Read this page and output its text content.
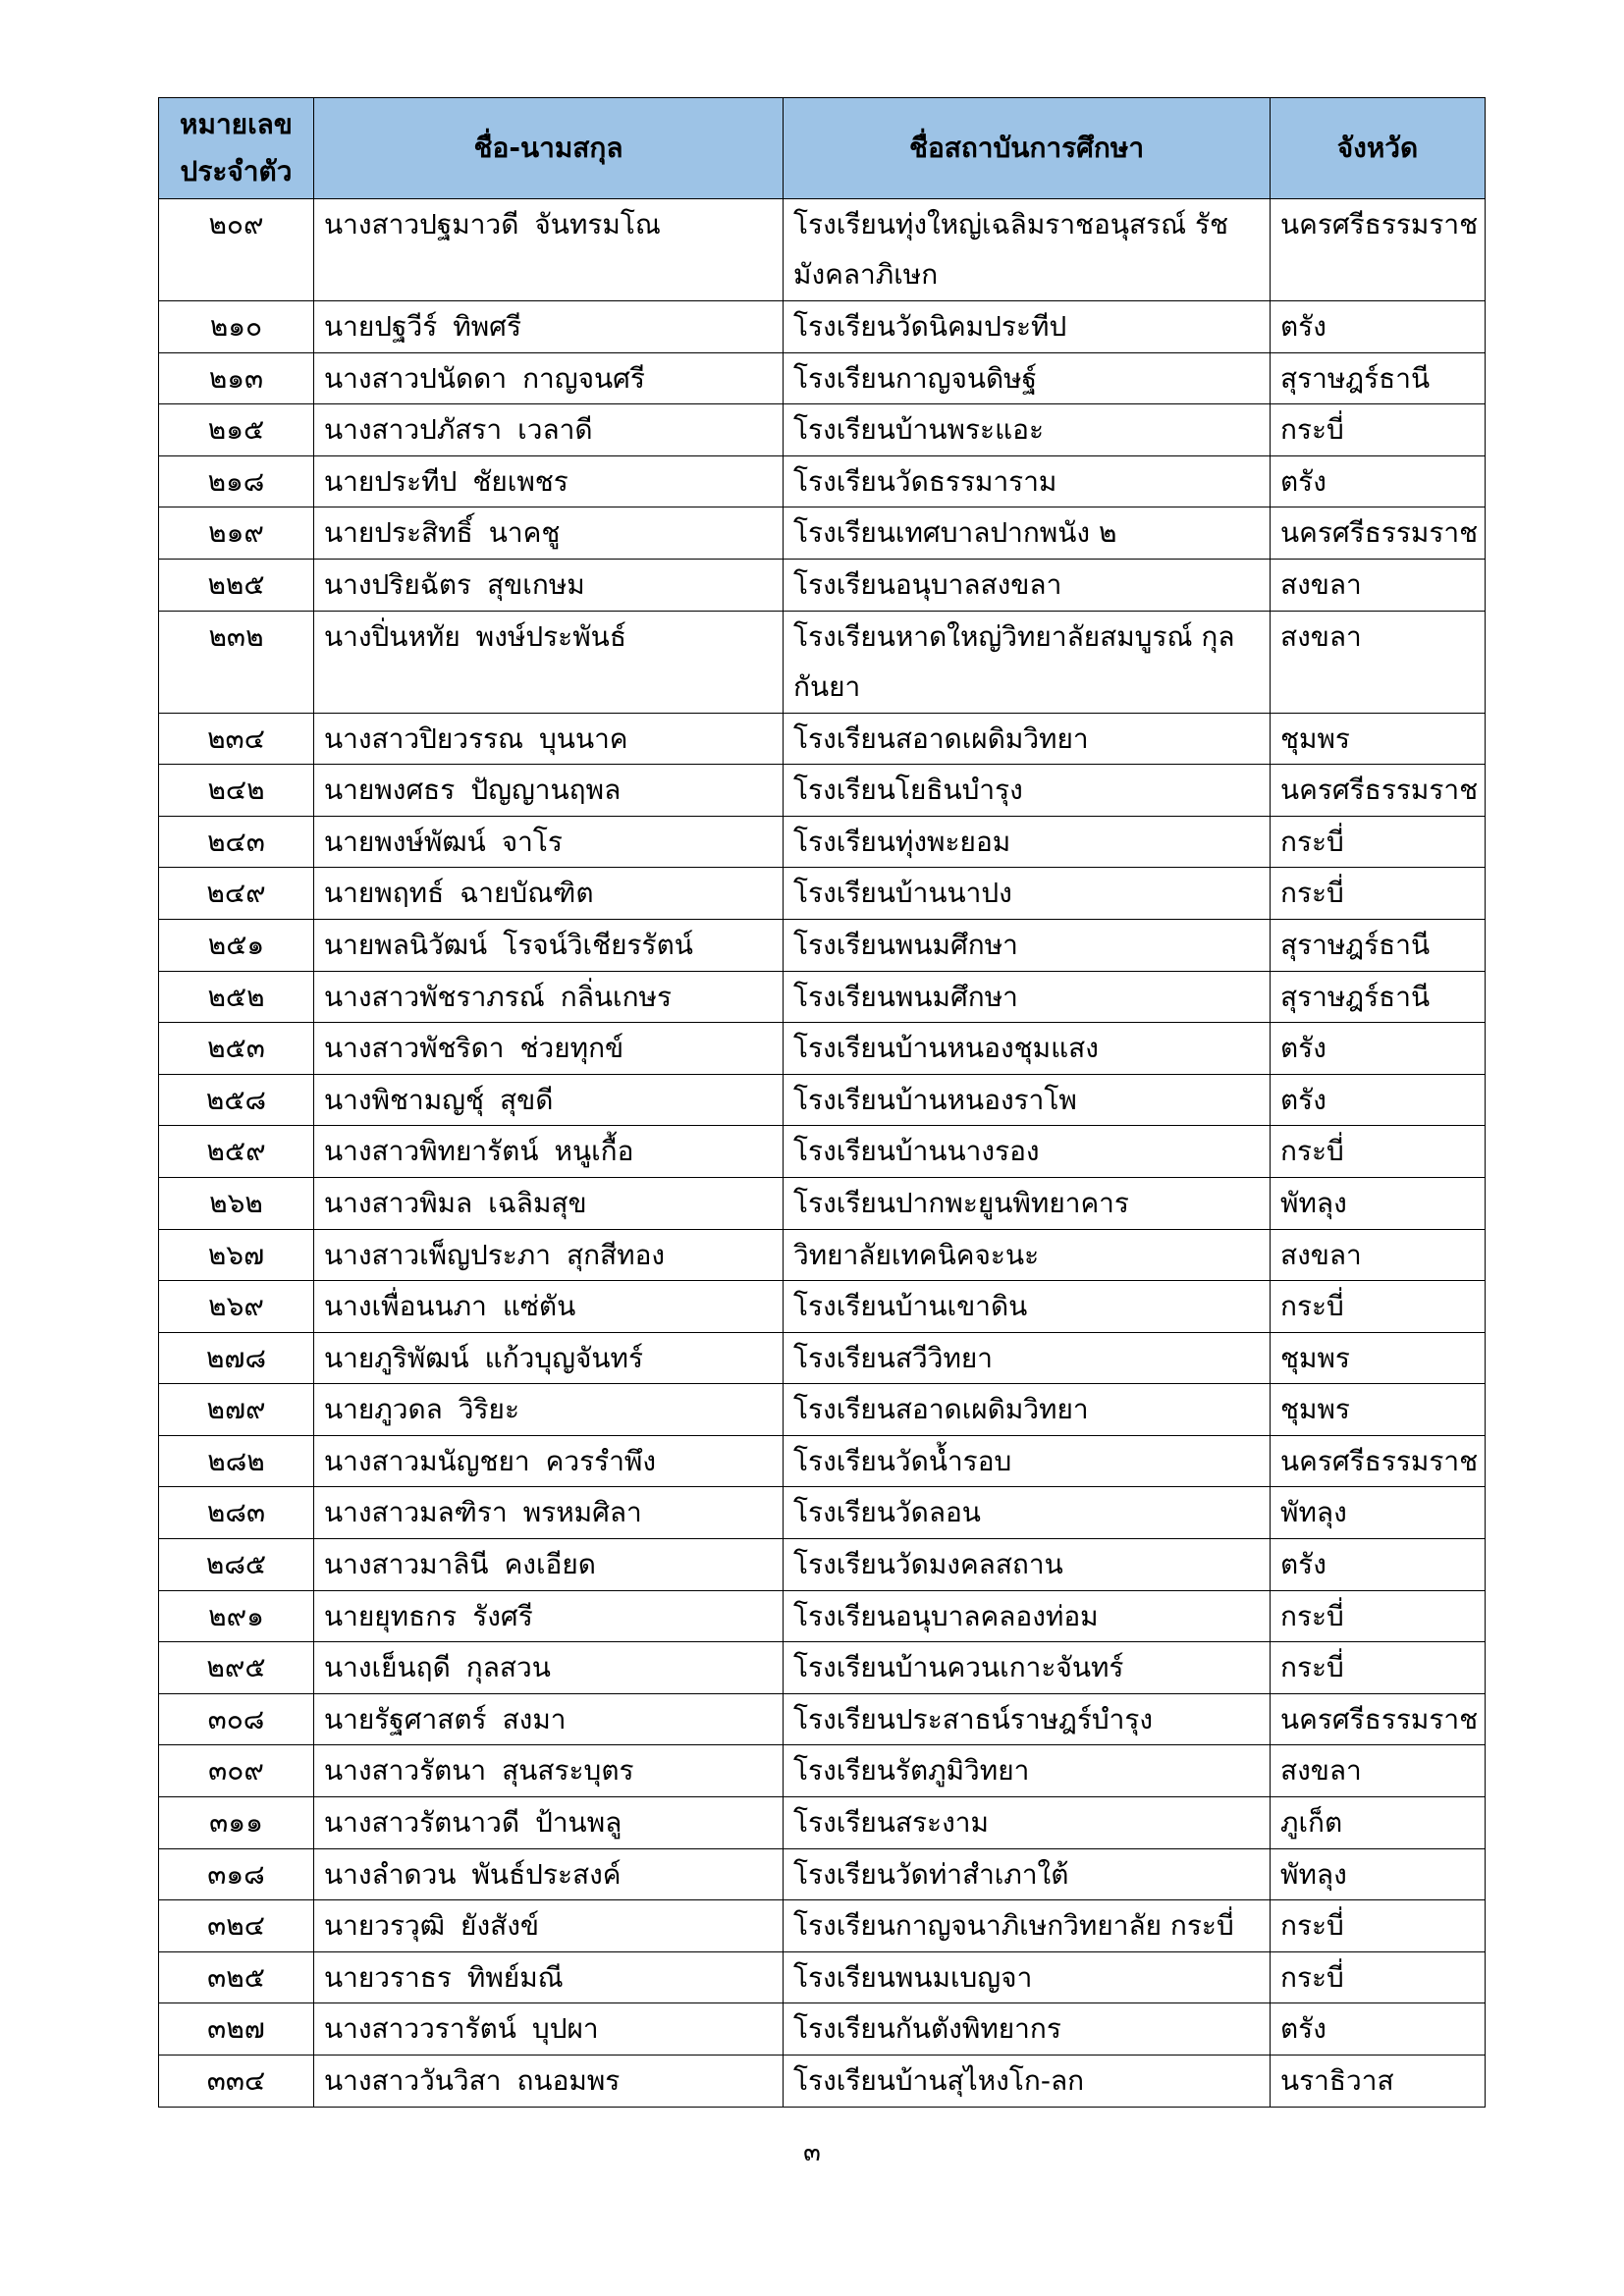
หมายเลข ประจำตัว	ชื่อ-นามสกุล	ชื่อสถาบันการศึกษา	จังหวัด
๒๐๙	นางสาวปฐมาวดี จันทรมโณ	โรงเรียนทุ่งใหญ่เฉลิมราชอนุสรณ์ รัชมังคลาภิเษก	นครศรีธรรมราช
๒๑๐	นายปฐวีร์ ทิพศรี	โรงเรียนวัดนิคมประทีป	ตรัง
๒๑๓	นางสาวปนัดดา กาญจนศรี	โรงเรียนกาญจนดิษฐ์	สุราษฎร์ธานี
๒๑๕	นางสาวปภัสรา เวลาดี	โรงเรียนบ้านพระแอะ	กระบี่
๒๑๘	นายประทีป ชัยเพชร	โรงเรียนวัดธรรมาราม	ตรัง
๒๑๙	นายประสิทธิ์ นาคชู	โรงเรียนเทศบาลปากพนัง ๒	นครศรีธรรมราช
๒๒๕	นางปริยฉัตร สุขเกษม	โรงเรียนอนุบาลสงขลา	สงขลา
๒๓๒	นางปิ่นหทัย พงษ์ประพันธ์	โรงเรียนหาดใหญ่วิทยาลัยสมบูรณ์ กุลกันยา	สงขลา
๒๓๔	นางสาวปิยวรรณ บุนนาค	โรงเรียนสอาดเผดิมวิทยา	ชุมพร
๒๔๒	นายพงศธร ปัญญานฤพล	โรงเรียนโยธินบำรุง	นครศรีธรรมราช
๒๔๓	นายพงษ์พัฒน์ จาโร	โรงเรียนทุ่งพะยอม	กระบี่
๒๔๙	นายพฤทธ์ ฉายบัณฑิต	โรงเรียนบ้านนาปง	กระบี่
๒๕๑	นายพลนิวัฒน์ โรจน์วิเชียรรัตน์	โรงเรียนพนมศึกษา	สุราษฎร์ธานี
๒๕๒	นางสาวพัชราภรณ์ กลิ่นเกษร	โรงเรียนพนมศึกษา	สุราษฎร์ธานี
๒๕๓	นางสาวพัชริดา ช่วยทุกข์	โรงเรียนบ้านหนองชุมแสง	ตรัง
๒๕๘	นางพิชามญชุ์ สุขดี	โรงเรียนบ้านหนองราโพ	ตรัง
๒๕๙	นางสาวพิทยารัตน์ หนูเกื้อ	โรงเรียนบ้านนางรอง	กระบี่
๒๖๒	นางสาวพิมล เฉลิมสุข	โรงเรียนปากพะยูนพิทยาคาร	พัทลุง
๒๖๗	นางสาวเพ็ญประภา สุกสีทอง	วิทยาลัยเทคนิคจะนะ	สงขลา
๒๖๙	นางเพื่อนนภา แซ่ตัน	โรงเรียนบ้านเขาดิน	กระบี่
๒๗๘	นายภูริพัฒน์ แก้วบุญจันทร์	โรงเรียนสวีวิทยา	ชุมพร
๒๗๙	นายภูวดล วิริยะ	โรงเรียนสอาดเผดิมวิทยา	ชุมพร
๒๘๒	นางสาวมนัญชยา ควรรำพึง	โรงเรียนวัดน้ำรอบ	นครศรีธรรมราช
๒๘๓	นางสาวมลฑิรา พรหมศิลา	โรงเรียนวัดลอน	พัทลุง
๒๘๕	นางสาวมาลินี คงเอียด	โรงเรียนวัดมงคลสถาน	ตรัง
๒๙๑	นายยุทธกร รังศรี	โรงเรียนอนุบาลคลองท่อม	กระบี่
๒๙๕	นางเย็นฤดี กุลสวน	โรงเรียนบ้านควนเกาะจันทร์	กระบี่
๓๐๘	นายรัฐศาสตร์ สงมา	โรงเรียนประสาธน์ราษฎร์บำรุง	นครศรีธรรมราช
๓๐๙	นางสาวรัตนา สุนสระบุตร	โรงเรียนรัตภูมิวิทยา	สงขลา
๓๑๑	นางสาวรัตนาวดี ป้านพลู	โรงเรียนสระงาม	ภูเก็ต
๓๑๘	นางลำดวน พันธ์ประสงค์	โรงเรียนวัดท่าสำเภาใต้	พัทลุง
๓๒๔	นายวรวุฒิ ยังสังข์	โรงเรียนกาญจนาภิเษกวิทยาลัย กระบี่	กระบี่
๓๒๕	นายวราธร ทิพย์มณี	โรงเรียนพนมเบญจา	กระบี่
๓๒๗	นางสาววรารัตน์ บุปผา	โรงเรียนกันตังพิทยากร	ตรัง
๓๓๔	นางสาววันวิสา ถนอมพร	โรงเรียนบ้านสุไหงโก-ลก	นราธิวาส
๓
